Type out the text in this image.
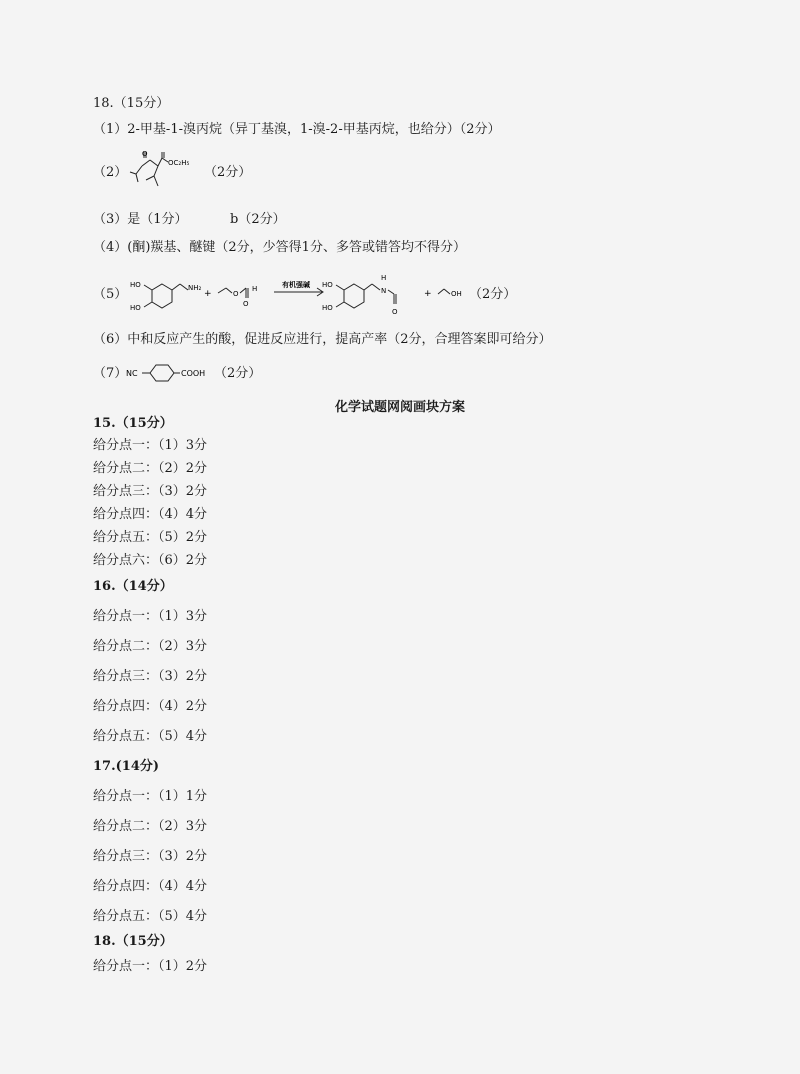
18.（15分）
（1）2-甲基-1-溴丙烷（异丁基溴，1-溴-2-甲基丙烷，也给分）（2分）
（2）
O
OC₂H₅
（2分）
（3）是（1分）	b（2分）
（4）(酮)羰基、醚键（2分，少答得1分、多答或错答均不得分）
（5）
HO
HO
NH₂
+	O
H
O
有机强碱 HO
HO
N
H
O
+	OH （2分）
（6）中和反应产生的酸，促进反应进行，提高产率（2分，合理答案即可给分）
（7）
NC	COOH （2分）
化学试题网阅画块方案
15.（15分）
给分点一：（1）3分
给分点二：（2）2分
给分点三：（3）2分
给分点四：（4）4分
给分点五：（5）2分
给分点六：（6）2分
16.（14分）
给分点一：（1）3分
给分点二：（2）3分
给分点三：（3）2分
给分点四：（4）2分
给分点五：（5）4分
17.(14分)
给分点一：（1）1分
给分点二：（2）3分
给分点三：（3）2分
给分点四：（4）4分
给分点五：（5）4分
18.（15分）
给分点一：（1）2分
